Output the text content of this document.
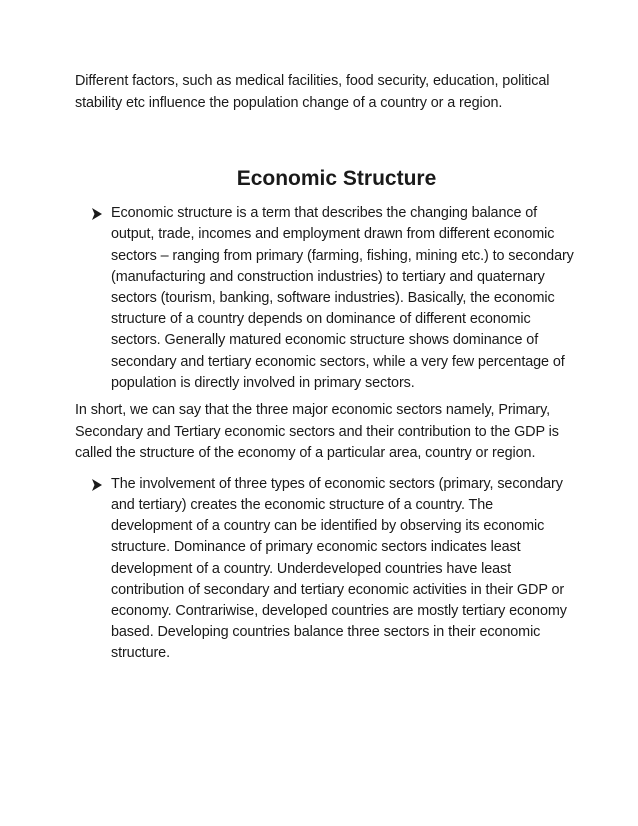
Different factors, such as medical facilities, food security, education, political stability etc influence the population change of a country or a region.

Economic Structure
Economic structure is a term that describes the changing balance of output, trade, incomes and employment drawn from different economic sectors – ranging from primary (farming, fishing, mining etc.) to secondary (manufacturing and construction industries) to tertiary and quaternary sectors (tourism, banking, software industries). Basically, the economic structure of a country depends on dominance of different economic sectors. Generally matured economic structure shows dominance of secondary and tertiary economic sectors, while a very few percentage of population is directly involved in primary sectors.

In short, we can say that the three major economic sectors namely, Primary, Secondary and Tertiary economic sectors and their contribution to the GDP is called the structure of the economy of a particular area, country or region.

The involvement of three types of economic sectors (primary, secondary and tertiary) creates the economic structure of a country. The development of a country can be identified by observing its economic structure. Dominance of primary economic sectors indicates least development of a country. Underdeveloped countries have least contribution of secondary and tertiary economic activities in their GDP or economy. Contrariwise, developed countries are mostly tertiary economy based. Developing countries balance three sectors in their economic structure.
